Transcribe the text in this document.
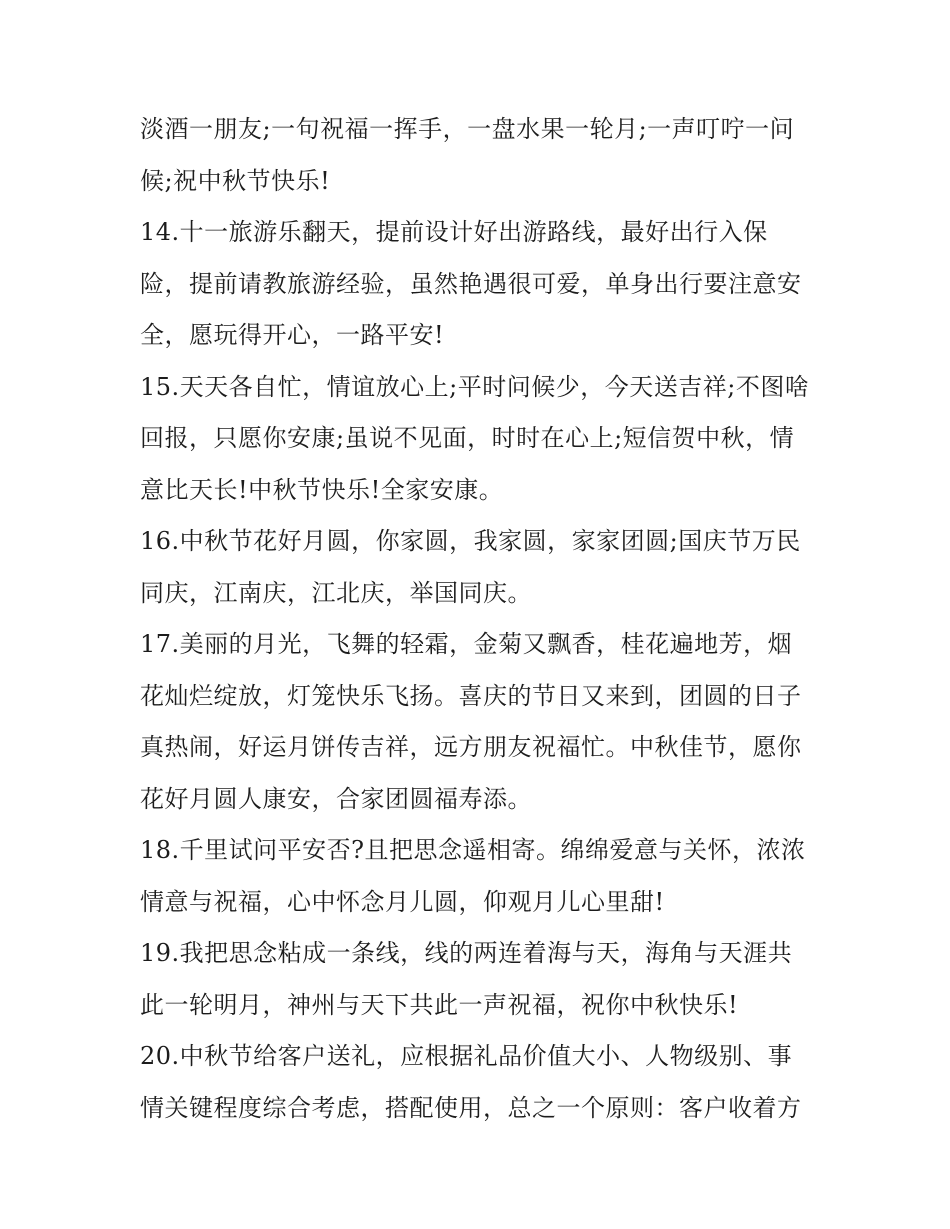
淡酒一朋友;一句祝福一挥手，一盘水果一轮月;一声叮咛一问
候;祝中秋节快乐!
14.十一旅游乐翻天，提前设计好出游路线，最好出行入保
险，提前请教旅游经验，虽然艳遇很可爱，单身出行要注意安
全，愿玩得开心，一路平安!
15.天天各自忙，情谊放心上;平时问候少，今天送吉祥;不图啥
回报，只愿你安康;虽说不见面，时时在心上;短信贺中秋，情
意比天长!中秋节快乐!全家安康。
16.中秋节花好月圆，你家圆，我家圆，家家团圆;国庆节万民
同庆，江南庆，江北庆，举国同庆。
17.美丽的月光，飞舞的轻霜，金菊又飘香，桂花遍地芳，烟
花灿烂绽放，灯笼快乐飞扬。喜庆的节日又来到，团圆的日子
真热闹，好运月饼传吉祥，远方朋友祝福忙。中秋佳节，愿你
花好月圆人康安，合家团圆福寿添。
18.千里试问平安否?且把思念遥相寄。绵绵爱意与关怀，浓浓
情意与祝福，心中怀念月儿圆，仰观月儿心里甜!
19.我把思念粘成一条线，线的两连着海与天，海角与天涯共
此一轮明月，神州与天下共此一声祝福，祝你中秋快乐!
20.中秋节给客户送礼，应根据礼品价值大小、人物级别、事
情关键程度综合考虑，搭配使用，总之一个原则：客户收着方
